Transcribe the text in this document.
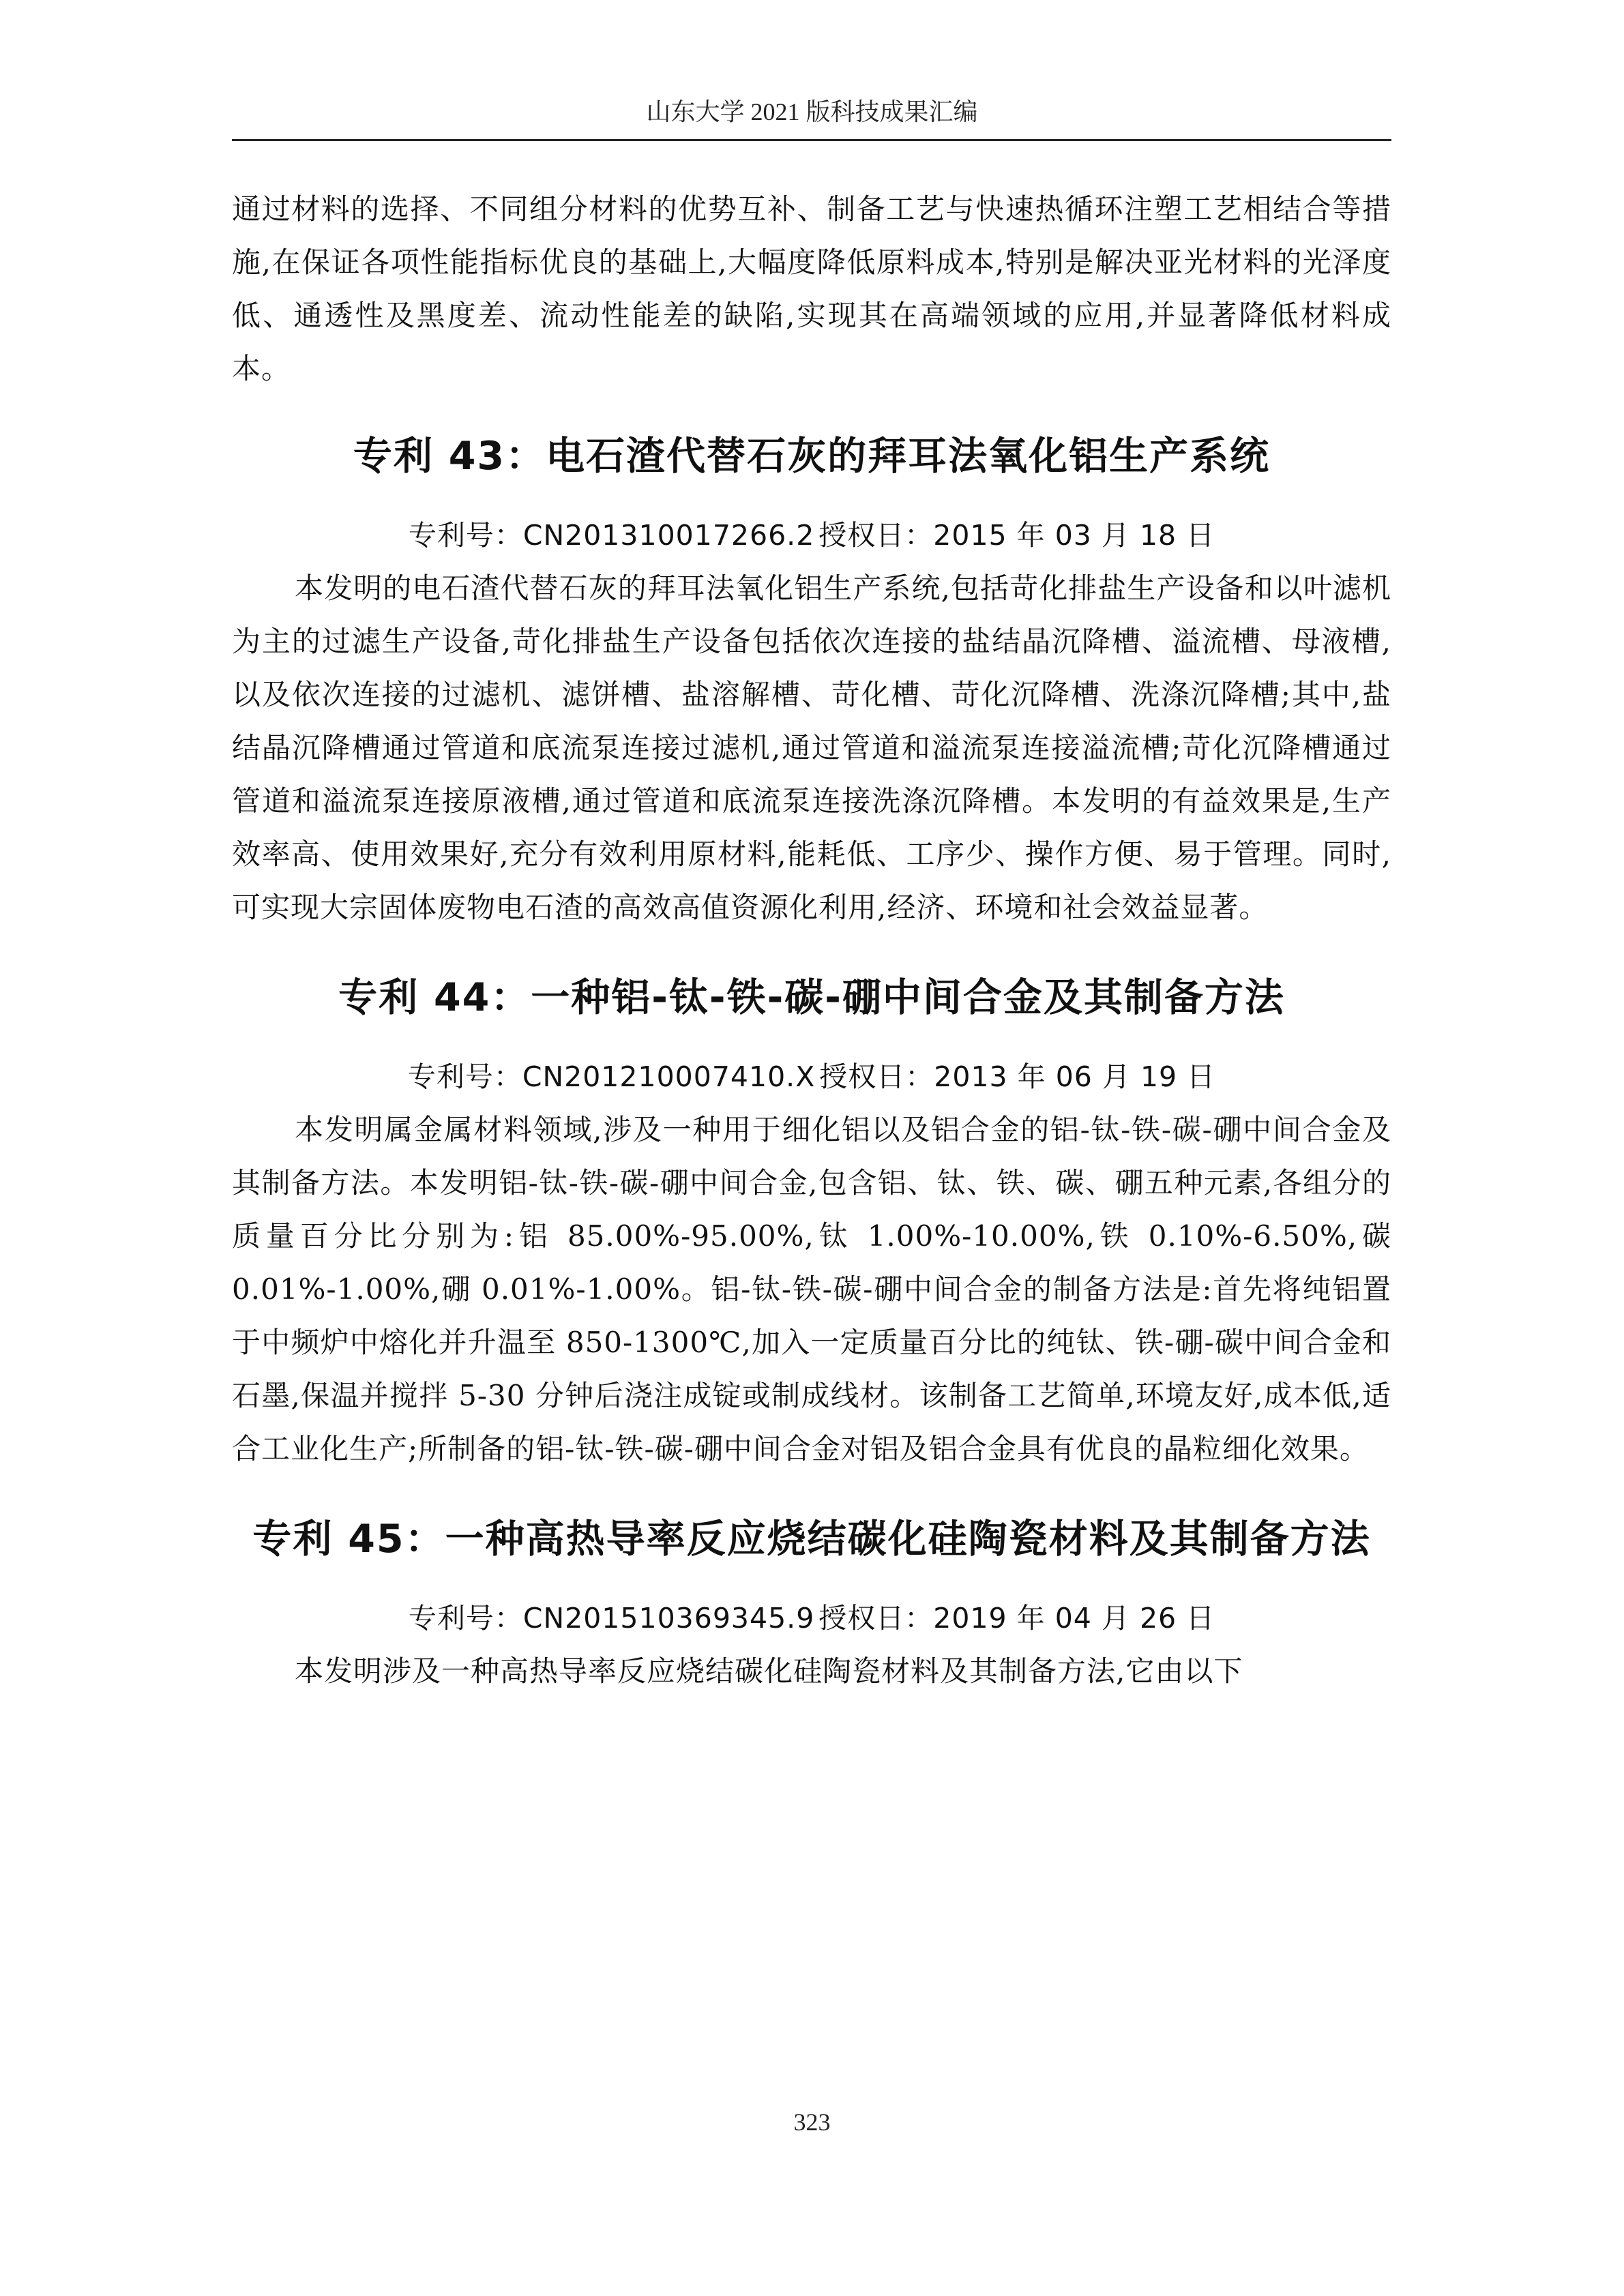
山东大学 2021 版科技成果汇编

通过材料的选择、不同组分材料的优势互补、制备工艺与快速热循环注塑工艺相结合等措施,在保证各项性能指标优良的基础上,大幅度降低原料成本,特别是解决亚光材料的光泽度低、通透性及黑度差、流动性能差的缺陷,实现其在高端领域的应用,并显著降低材料成本。

专利 43：电石渣代替石灰的拜耳法氧化铝生产系统

专利号：CN201310017266.2 授权日：2015 年 03 月 18 日

本发明的电石渣代替石灰的拜耳法氧化铝生产系统,包括苛化排盐生产设备和以叶滤机为主的过滤生产设备,苛化排盐生产设备包括依次连接的盐结晶沉降槽、溢流槽、母液槽,以及依次连接的过滤机、滤饼槽、盐溶解槽、苛化槽、苛化沉降槽、洗涤沉降槽;其中,盐结晶沉降槽通过管道和底流泵连接过滤机,通过管道和溢流泵连接溢流槽;苛化沉降槽通过管道和溢流泵连接原液槽,通过管道和底流泵连接洗涤沉降槽。本发明的有益效果是,生产效率高、使用效果好,充分有效利用原材料,能耗低、工序少、操作方便、易于管理。同时,可实现大宗固体废物电石渣的高效高值资源化利用,经济、环境和社会效益显著。

专利 44：一种铝-钛-铁-碳-硼中间合金及其制备方法

专利号：CN201210007410.X 授权日：2013 年 06 月 19 日

本发明属金属材料领域,涉及一种用于细化铝以及铝合金的铝-钛-铁-碳-硼中间合金及其制备方法。本发明铝-钛-铁-碳-硼中间合金,包含铝、钛、铁、碳、硼五种元素,各组分的质量百分比分别为:铝 85.00%-95.00%,钛 1.00%-10.00%,铁 0.10%-6.50%,碳 0.01%-1.00%,硼 0.01%-1.00%。铝-钛-铁-碳-硼中间合金的制备方法是:首先将纯铝置于中频炉中熔化并升温至 850-1300℃,加入一定质量百分比的纯钛、铁-硼-碳中间合金和石墨,保温并搅拌 5-30 分钟后浇注成锭或制成线材。该制备工艺简单,环境友好,成本低,适合工业化生产;所制备的铝-钛-铁-碳-硼中间合金对铝及铝合金具有优良的晶粒细化效果。

专利 45：一种高热导率反应烧结碳化硅陶瓷材料及其制备方法

专利号：CN201510369345.9 授权日：2019 年 04 月 26 日

本发明涉及一种高热导率反应烧结碳化硅陶瓷材料及其制备方法,它由以下

323
